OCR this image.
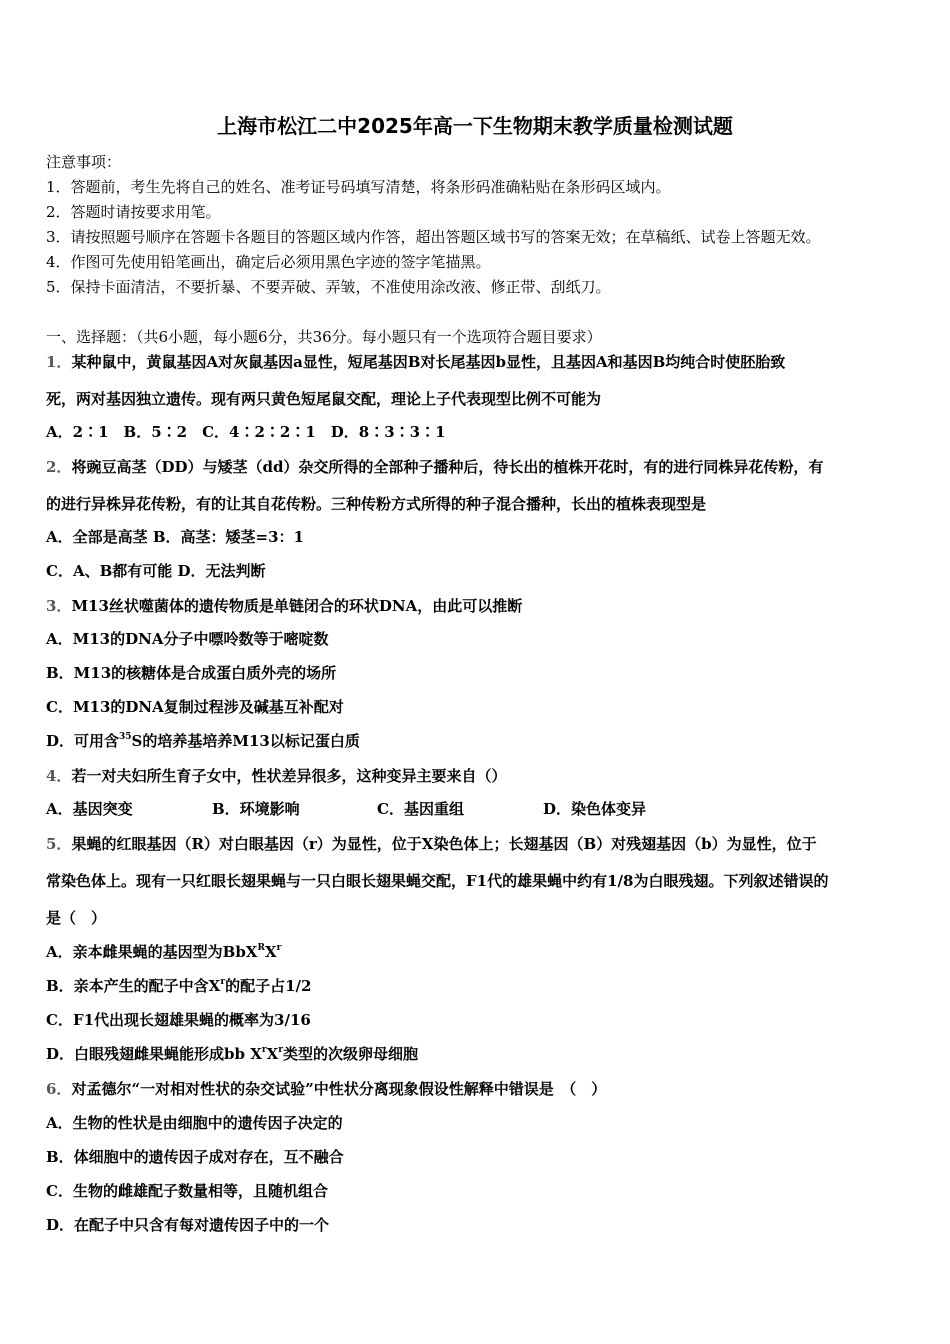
上海市松江二中2025年高一下生物期末教学质量检测试题
注意事项：
1．答题前，考生先将自己的姓名、准考证号码填写清楚，将条形码准确粘贴在条形码区域内。
2．答题时请按要求用笔。
3．请按照题号顺序在答题卡各题目的答题区域内作答，超出答题区域书写的答案无效；在草稿纸、试卷上答题无效。
4．作图可先使用铅笔画出，确定后必须用黑色字迹的签字笔描黑。
5．保持卡面清洁，不要折暴、不要弄破、弄皱，不准使用涂改液、修正带、刮纸刀。
一、选择题：（共6小题，每小题6分，共36分。每小题只有一个选项符合题目要求）
1．某种鼠中，黄鼠基因A对灰鼠基因a显性，短尾基因B对长尾基因b显性，且基因A和基因B均纯合时使胚胎致
死，两对基因独立遗传。现有两只黄色短尾鼠交配，理论上子代表现型比例不可能为
A．2∶1　B．5∶2　C．4∶2∶2∶1　D．8∶3∶3∶1
2．将豌豆高茎（DD）与矮茎（dd）杂交所得的全部种子播种后，待长出的植株开花时，有的进行同株异花传粉，有
的进行异株异花传粉，有的让其自花传粉。三种传粉方式所得的种子混合播种，长出的植株表现型是
A．全部是高茎 B．高茎：矮茎=3：1
C．A、B都有可能 D．无法判断
3．M13丝状噬菌体的遗传物质是单链闭合的环状DNA，由此可以推断
A．M13的DNA分子中嘌呤数等于嘧啶数
B．M13的核糖体是合成蛋白质外壳的场所
C．M13的DNA复制过程涉及碱基互补配对
D．可用含$^{35}$S的培养基培养M13以标记蛋白质
4．若一对夫妇所生育子女中，性状差异很多，这种变异主要来自（）
A．基因突变	B．环境影响	C．基因重组	D．染色体变异
5．果蝇的红眼基因（R）对白眼基因（r）为显性，位于X染色体上；长翅基因（B）对残翅基因（b）为显性，位于
常染色体上。现有一只红眼长翅果蝇与一只白眼长翅果蝇交配，F1代的雄果蝇中约有1/8为白眼残翅。下列叙述错误的
是（　）
A．亲本雌果蝇的基因型为$BbX^RX^r$
B．亲本产生的配子中含$X^r$的配子占1/2
C．F1代出现长翅雄果蝇的概率为3/16
D．白眼残翅雌果蝇能形成bb $X^rX^r$类型的次级卵母细胞
6．对孟德尔“一对相对性状的杂交试验”中性状分离现象假设性解释中错误是　（　）
A．生物的性状是由细胞中的遗传因子决定的
B．体细胞中的遗传因子成对存在，互不融合
C．生物的雌雄配子数量相等，且随机组合
D．在配子中只含有每对遗传因子中的一个
